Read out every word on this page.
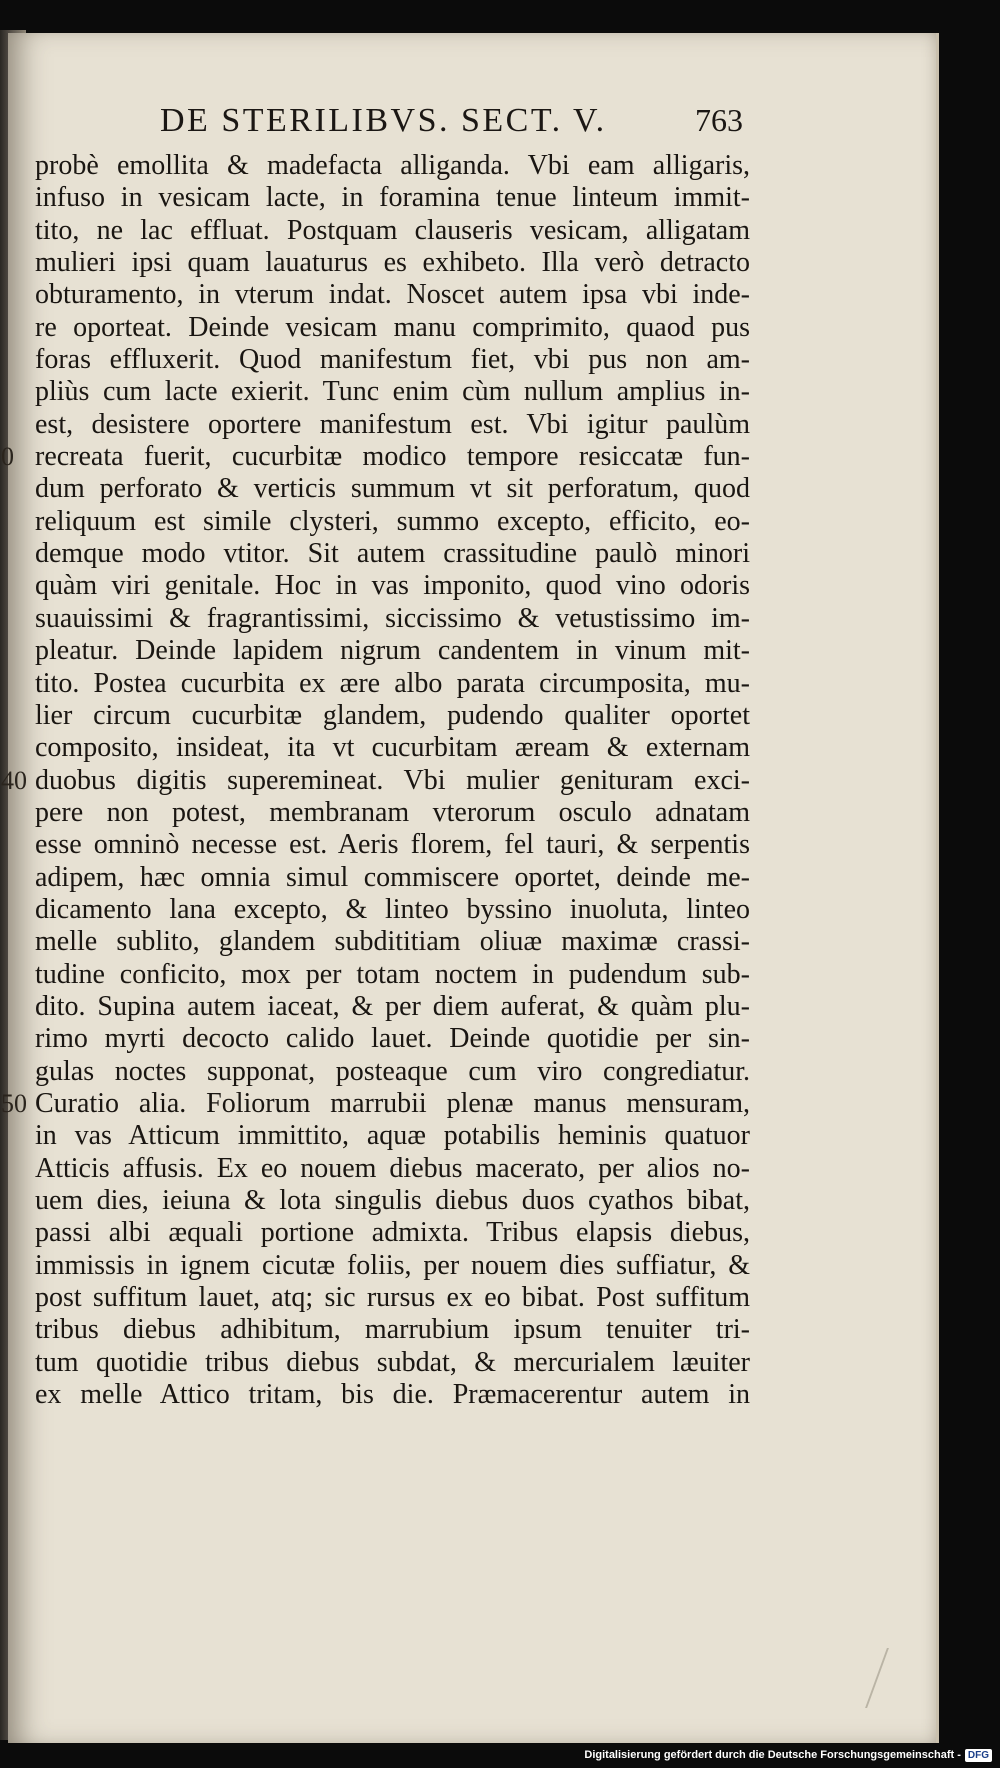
DE STERILIBVS. SECT. V.	763
probè emollita & madefacta alliganda. Vbi eam alligaris,
infuso in vesicam lacte, in foramina tenue linteum immit-
tito, ne lac effluat. Postquam clauseris vesicam, alligatam
mulieri ipsi quam lauaturus es exhibeto. Illa verò detracto
obturamento, in vterum indat. Noscet autem ipsa vbi inde-
re oporteat. Deinde vesicam manu comprimito, quaod pus
foras effluxerit. Quod manifestum fiet, vbi pus non am-
pliùs cum lacte exierit. Tunc enim cùm nullum amplius in-
est, desistere oportere manifestum est. Vbi igitur paulùm
0 recreata fuerit, cucurbitæ modico tempore resiccatæ fun-
dum perforato & verticis summum vt sit perforatum, quod
reliquum est simile clysteri, summo excepto, efficito, eo-
demque modo vtitor. Sit autem crassitudine paulò minori
quàm viri genitale. Hoc in vas imponito, quod vino odoris
suauissimi & fragrantissimi, siccissimo & vetustissimo im-
pleatur. Deinde lapidem nigrum candentem in vinum mit-
tito. Postea cucurbita ex ære albo parata circumposita, mu-
lier circum cucurbitæ glandem, pudendo qualiter oportet
composito, insideat, ita vt cucurbitam æream & externam
40 duobus digitis superemineat. Vbi mulier genituram exci-
pere non potest, membranam vterorum osculo adnatam
esse omninò necesse est. Aeris florem, fel tauri, & serpentis
adipem, hæc omnia simul commiscere oportet, deinde me-
dicamento lana excepto, & linteo byssino inuoluta, linteo
melle sublito, glandem subdititiam oliuæ maximæ crassi-
tudine conficito, mox per totam noctem in pudendum sub-
dito. Supina autem iaceat, & per diem auferat, & quàm plu-
rimo myrti decocto calido lauet. Deinde quotidie per sin-
gulas noctes supponat, posteaque cum viro congrediatur.
50 Curatio alia. Foliorum marrubii plenæ manus mensuram,
in vas Atticum immittito, aquæ potabilis heminis quatuor
Atticis affusis. Ex eo nouem diebus macerato, per alios no-
uem dies, ieiuna & lota singulis diebus duos cyathos bibat,
passi albi æquali portione admixta. Tribus elapsis diebus,
immissis in ignem cicutæ foliis, per nouem dies suffiatur, &
post suffitum lauet, atq; sic rursus ex eo bibat. Post suffitum
tribus diebus adhibitum, marrubium ipsum tenuiter tri-
tum quotidie tribus diebus subdat, & mercurialem læuiter
ex melle Attico tritam, bis die. Præmacerentur autem in
Digitalisierung gefördert durch die Deutsche Forschungsgemeinschaft - DFG
